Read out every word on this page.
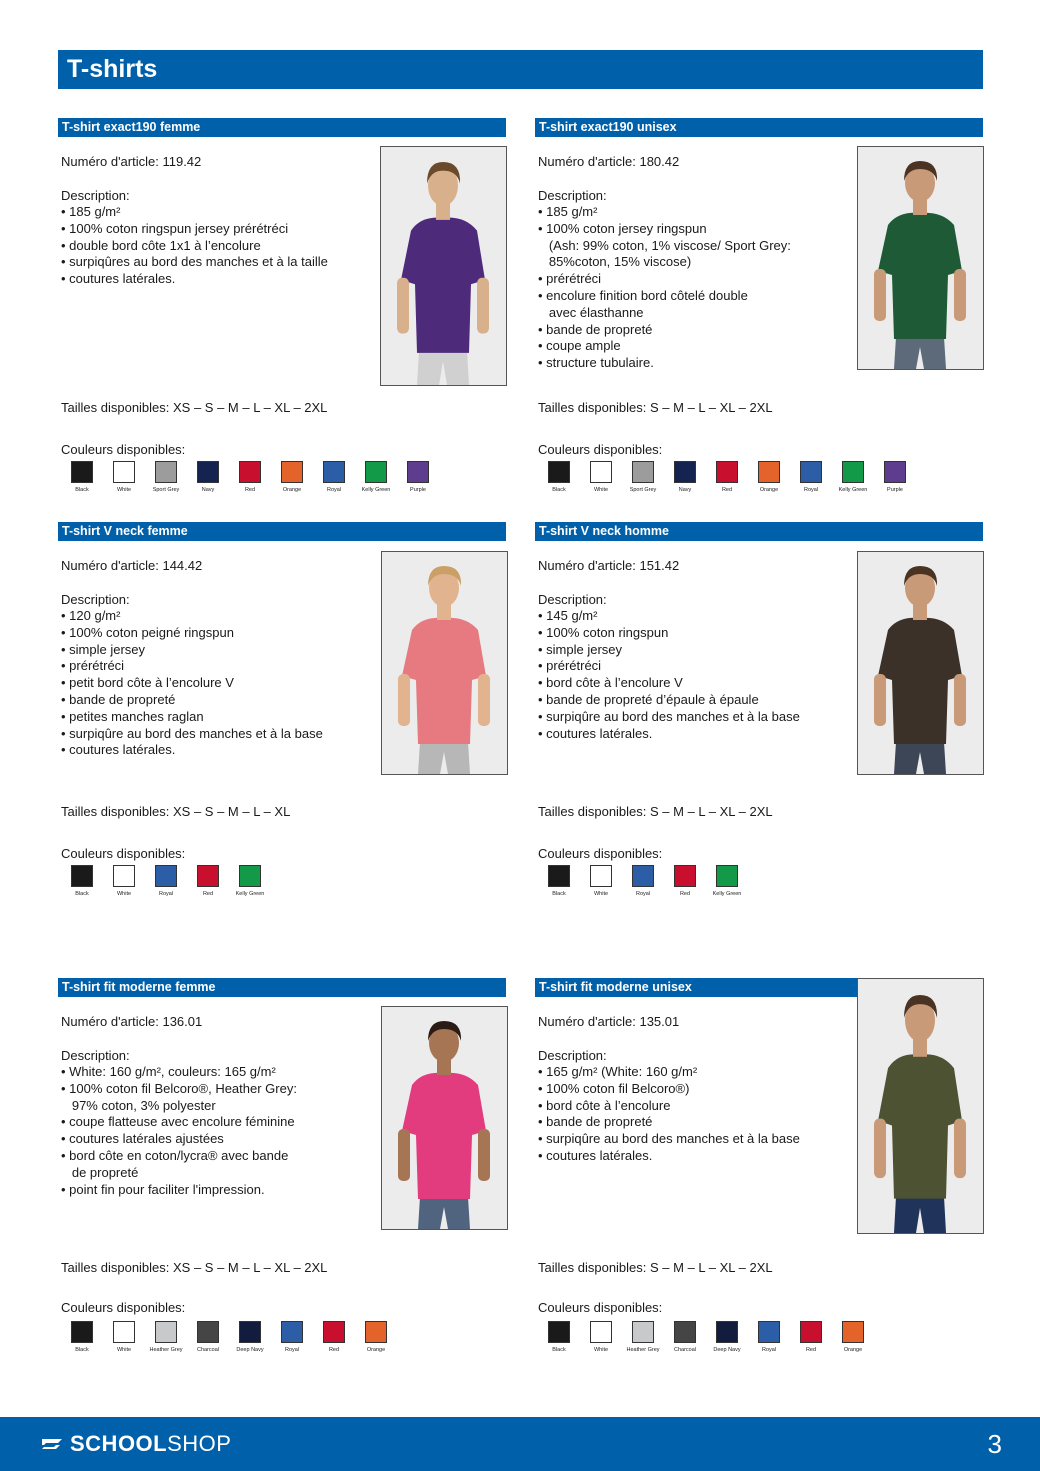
T-shirts
T-shirt exact190 femme
Numéro d'article: 119.42
Description:
• 185 g/m²
• 100% coton ringspun jersey prérétréci
• double bord côte 1x1 à l’encolure
• surpiqûres au bord des manches et à la taille
• coutures latérales.
Tailles disponibles: XS – S – M – L – XL – 2XL
Couleurs disponibles:
Black	White	Sport Grey	Navy	Red	Orange	Royal	Kelly Green	Purple
T-shirt exact190 unisex
Numéro d'article: 180.42
Description:
• 185 g/m²
• 100% coton jersey ringspun
(Ash: 99% coton, 1% viscose/ Sport Grey:
85%coton, 15% viscose)
• prérétréci
• encolure finition bord côtelé double
avec élasthanne
• bande de propreté
• coupe ample
• structure tubulaire.
Tailles disponibles: S – M – L – XL – 2XL
Couleurs disponibles:
Black	White	Sport Grey	Navy	Red	Orange	Royal	Kelly Green	Purple
T-shirt V neck femme
Numéro d'article: 144.42
Description:
• 120 g/m²
• 100% coton peigné ringspun
• simple jersey
• prérétréci
• petit bord côte à l’encolure V
• bande de propreté
• petites manches raglan
• surpiqûre au bord des manches et à la base
• coutures latérales.
Tailles disponibles: XS – S – M – L – XL
Couleurs disponibles:
Black	White	Royal	Red	Kelly Green
T-shirt V neck homme
Numéro d'article: 151.42
Description:
• 145 g/m²
• 100% coton ringspun
• simple jersey
• prérétréci
• bord côte à l’encolure V
• bande de propreté d’épaule à épaule
• surpiqûre au bord des manches et à la base
• coutures latérales.
Tailles disponibles: S – M – L – XL – 2XL
Couleurs disponibles:
Black	White	Royal	Red	Kelly Green
T-shirt fit moderne femme
Numéro d'article: 136.01
Description:
• White: 160 g/m², couleurs: 165 g/m²
• 100% coton fil Belcoro®, Heather Grey:
97% coton, 3% polyester
• coupe flatteuse avec encolure féminine
• coutures latérales ajustées
• bord côte en coton/lycra® avec bande
de propreté
• point fin pour faciliter l'impression.
Tailles disponibles: XS – S – M – L – XL – 2XL
Couleurs disponibles:
Black	White	Heather Grey	Charcoal	Deep Navy	Royal	Red	Orange
T-shirt fit moderne unisex
Numéro d'article: 135.01
Description:
• 165 g/m² (White: 160 g/m²
• 100% coton fil Belcoro®)
• bord côte à l’encolure
• bande de propreté
• surpiqûre au bord des manches et à la base
• coutures latérales.
Tailles disponibles: S – M – L – XL – 2XL
Couleurs disponibles:
Black	White	Heather Grey	Charcoal	Deep Navy	Royal	Red	Orange
SCHOOL SHOP	3
